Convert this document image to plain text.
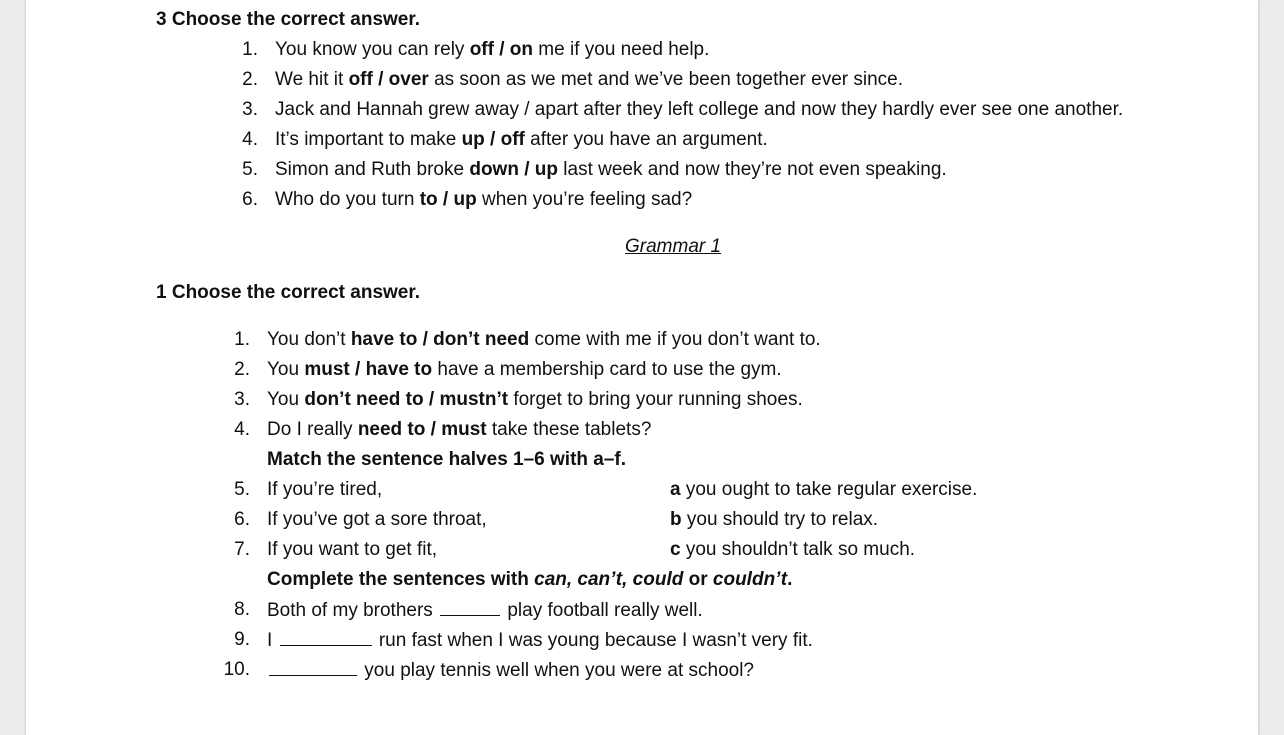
3 Choose the correct answer.
1. You know you can rely off / on me if you need help.
2. We hit it off / over as soon as we met and we’ve been together ever since.
3. Jack and Hannah grew away / apart after they left college and now they hardly ever see one another.
4. It’s important to make up / off after you have an argument.
5. Simon and Ruth broke down / up last week and now they’re not even speaking.
6. Who do you turn to / up when you’re feeling sad?
Grammar 1
1 Choose the correct answer.
1. You don’t have to / don’t need come with me if you don’t want to.
2. You must / have to have a membership card to use the gym.
3. You don’t need to / mustn’t forget to bring your running shoes.
4. Do I really need to / must take these tablets?
Match the sentence halves 1–6 with a–f.
5. If you’re tired,	a you ought to take regular exercise.
6. If you’ve got a sore throat,	b you should try to relax.
7. If you want to get fit,	c you shouldn’t talk so much.
Complete the sentences with can, can’t, could or couldn’t.
8. Both of my brothers	play football really well.
9. I	run fast when I was young because I wasn’t very fit.
10.	you play tennis well when you were at school?
